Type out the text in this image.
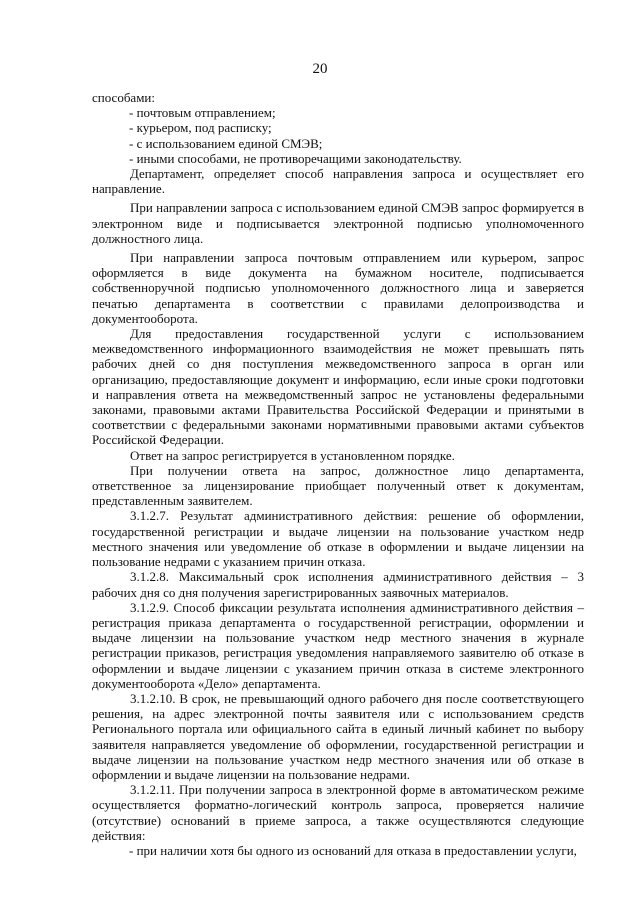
20

способами:

- почтовым отправлением;

- курьером, под расписку;

- с использованием единой СМЭВ;

- иными способами, не противоречащими законодательству.

Департамент, определяет способ направления запроса и осуществляет его направление.

При направлении запроса с использованием единой СМЭВ запрос формируется в электронном виде и подписывается электронной подписью уполномоченного должностного лица.

При направлении запроса почтовым отправлением или курьером, запрос оформляется в виде документа на бумажном носителе, подписывается собственноручной подписью уполномоченного должностного лица и заверяется печатью департамента в соответствии с правилами делопроизводства и документооборота.

Для предоставления государственной услуги с использованием межведомственного информационного взаимодействия не может превышать пять рабочих дней со дня поступления межведомственного запроса в орган или организацию, предоставляющие документ и информацию, если иные сроки подготовки и направления ответа на межведомственный запрос не установлены федеральными законами, правовыми актами Правительства Российской Федерации и принятыми в соответствии с федеральными законами нормативными правовыми актами субъектов Российской Федерации.

Ответ на запрос регистрируется в установленном порядке.

При получении ответа на запрос, должностное лицо департамента, ответственное за лицензирование приобщает полученный ответ к документам, представленным заявителем.

3.1.2.7. Результат административного действия: решение об оформлении, государственной регистрации и выдаче лицензии на пользование участком недр местного значения или уведомление об отказе в оформлении и выдаче лицензии на пользование недрами с указанием причин отказа.

3.1.2.8. Максимальный срок исполнения административного действия – 3 рабочих дня со дня получения зарегистрированных заявочных материалов.

3.1.2.9. Способ фиксации результата исполнения административного действия – регистрация приказа департамента о государственной регистрации, оформлении и выдаче лицензии на пользование участком недр местного значения в журнале регистрации приказов, регистрация уведомления направляемого заявителю об отказе в оформлении и выдаче лицензии с указанием причин отказа в системе электронного документооборота «Дело» департамента.

3.1.2.10. В срок, не превышающий одного рабочего дня после соответствующего решения, на адрес электронной почты заявителя или с использованием средств Регионального портала или официального сайта в единый личный кабинет по выбору заявителя направляется уведомление об оформлении, государственной регистрации и выдаче лицензии на пользование участком недр местного значения или об отказе в оформлении и выдаче лицензии на пользование недрами.

3.1.2.11. При получении запроса в электронной форме в автоматическом режиме осуществляется форматно-логический контроль запроса, проверяется наличие (отсутствие) оснований в приеме запроса, а также осуществляются следующие действия:

- при наличии хотя бы одного из оснований для отказа в предоставлении услуги,
